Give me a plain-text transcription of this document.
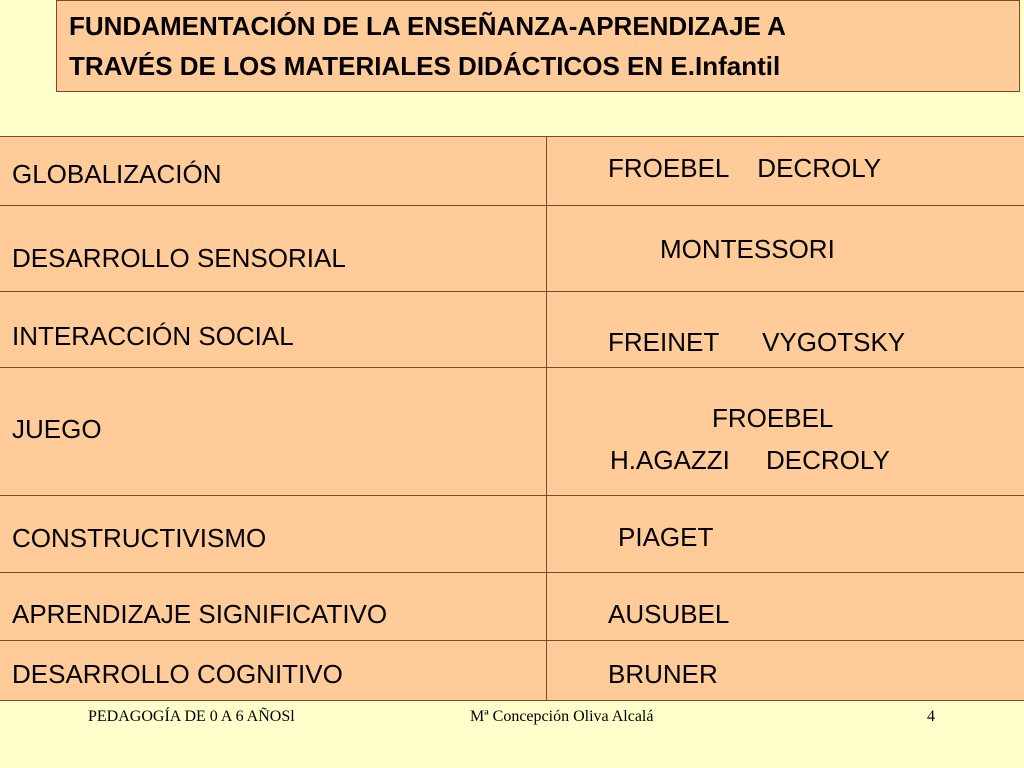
FUNDAMENTACIÓN DE LA ENSEÑANZA-APRENDIZAJE A
TRAVÉS DE LOS MATERIALES DIDÁCTICOS EN E.Infantil
GLOBALIZACIÓN	FROEBEL    DECROLY
DESARROLLO SENSORIAL	MONTESSORI
INTERACCIÓN SOCIAL	FREINET      VYGOTSKY
JUEGO	FROEBEL
H.AGAZZI     DECROLY
CONSTRUCTIVISMO	PIAGET
APRENDIZAJE SIGNIFICATIVO	AUSUBEL
DESARROLLO COGNITIVO	BRUNER
PEDAGOGÍA DE 0 A 6 AÑOSl	Mª Concepción Oliva Alcalá	4
